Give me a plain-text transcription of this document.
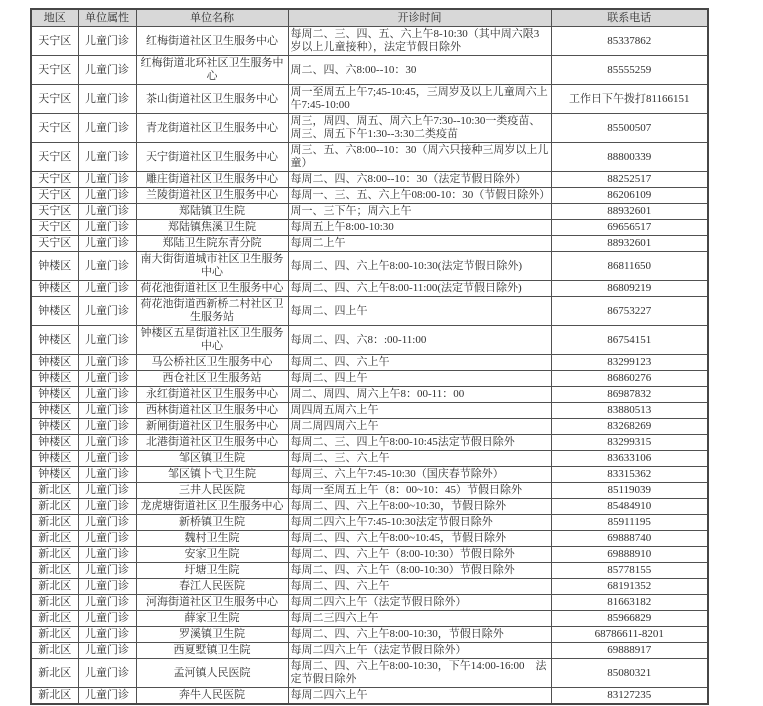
地区	单位属性	单位名称	开诊时间	联系电话
天宁区	儿童门诊	红梅街道社区卫生服务中心	每周二、三、四、五、六上午8-10:30（其中周六限3岁以上儿童接种），法定节假日除外	85337862
天宁区	儿童门诊	红梅街道北环社区卫生服务中心	周二、四、六8:00--10：30	85555259
天宁区	儿童门诊	茶山街道社区卫生服务中心	周一至周五上午7;45-10:45，三周岁及以上儿童周六上午7:45-10:00	工作日下午拨打81166151
天宁区	儿童门诊	青龙街道社区卫生服务中心	周三，周四、周五、周六上午7:30--10:30一类疫苗、周三、周五下午1:30--3:30二类疫苗	85500507
天宁区	儿童门诊	天宁街道社区卫生服务中心	周三、五、六8:00--10：30（周六只接种三周岁以上儿童）	88800339
天宁区	儿童门诊	雕庄街道社区卫生服务中心	每周二、四、六8:00--10：30（法定节假日除外）	88252517
天宁区	儿童门诊	兰陵街道社区卫生服务中心	每周一、三、五、六上午08:00-10：30（节假日除外）	86206109
天宁区	儿童门诊	郑陆镇卫生院	周一、三下午；周六上午	88932601
天宁区	儿童门诊	郑陆镇焦溪卫生院	每周五上午8:00-10:30	69656517
天宁区	儿童门诊	郑陆卫生院东青分院	每周二上午	88932601
钟楼区	儿童门诊	南大街街道城市社区卫生服务中心	每周二、四、六上午8:00-10:30(法定节假日除外)	86811650
钟楼区	儿童门诊	荷花池街道社区卫生服务中心	每周二、四、六上午8:00-11:00(法定节假日除外)	86809219
钟楼区	儿童门诊	荷花池街道西新桥二村社区卫生服务站	每周二、四上午	86753227
钟楼区	儿童门诊	钟楼区五星街道社区卫生服务中心	每周二、四、六8：:00-11:00	86754151
钟楼区	儿童门诊	马公桥社区卫生服务中心	每周二、四、六上午	83299123
钟楼区	儿童门诊	西仓社区卫生服务站	每周二、四上午	86860276
钟楼区	儿童门诊	永红街道社区卫生服务中心	周二、周四、周六上午8：00-11：00	86987832
钟楼区	儿童门诊	西林街道社区卫生服务中心	周四周五周六上午	83880513
钟楼区	儿童门诊	新闸街道社区卫生服务中心	周二周四周六上午	83268269
钟楼区	儿童门诊	北港街道社区卫生服务中心	每周二、三、四上午8:00-10:45法定节假日除外	83299315
钟楼区	儿童门诊	邹区镇卫生院	每周二、三、六上午	83633106
钟楼区	儿童门诊	邹区镇卜弋卫生院	每周三、六上午7:45-10:30（国庆春节除外）	83315362
新北区	儿童门诊	三井人民医院	每周一至周五上午（8：00~10：45）节假日除外	85119039
新北区	儿童门诊	龙虎塘街道社区卫生服务中心	每周二、四、六上午8:00~10:30，节假日除外	85484910
新北区	儿童门诊	新桥镇卫生院	每周二四六上午7:45-10:30法定节假日除外	85911195
新北区	儿童门诊	魏村卫生院	每周二、四、六上午8:00~10:45，节假日除外	69888740
新北区	儿童门诊	安家卫生院	每周二、四、六上午（8:00-10:30）节假日除外	69888910
新北区	儿童门诊	圩塘卫生院	每周二、四、六上午（8:00-10:30）节假日除外	85778155
新北区	儿童门诊	春江人民医院	每周二、四、六上午	68191352
新北区	儿童门诊	河海街道社区卫生服务中心	每周二四六上午（法定节假日除外）	81663182
新北区	儿童门诊	薛家卫生院	每周二三四六上午	85966829
新北区	儿童门诊	罗溪镇卫生院	每周二、四、六上午8:00-10:30，节假日除外	68786611-8201
新北区	儿童门诊	西夏墅镇卫生院	每周二四六上午（法定节假日除外）	69888917
新北区	儿童门诊	孟河镇人民医院	每周二、四、六上午8:00-10:30，下午14:00-16:00　法定节假日除外	85080321
新北区	儿童门诊	奔牛人民医院	每周二四六上午	83127235
